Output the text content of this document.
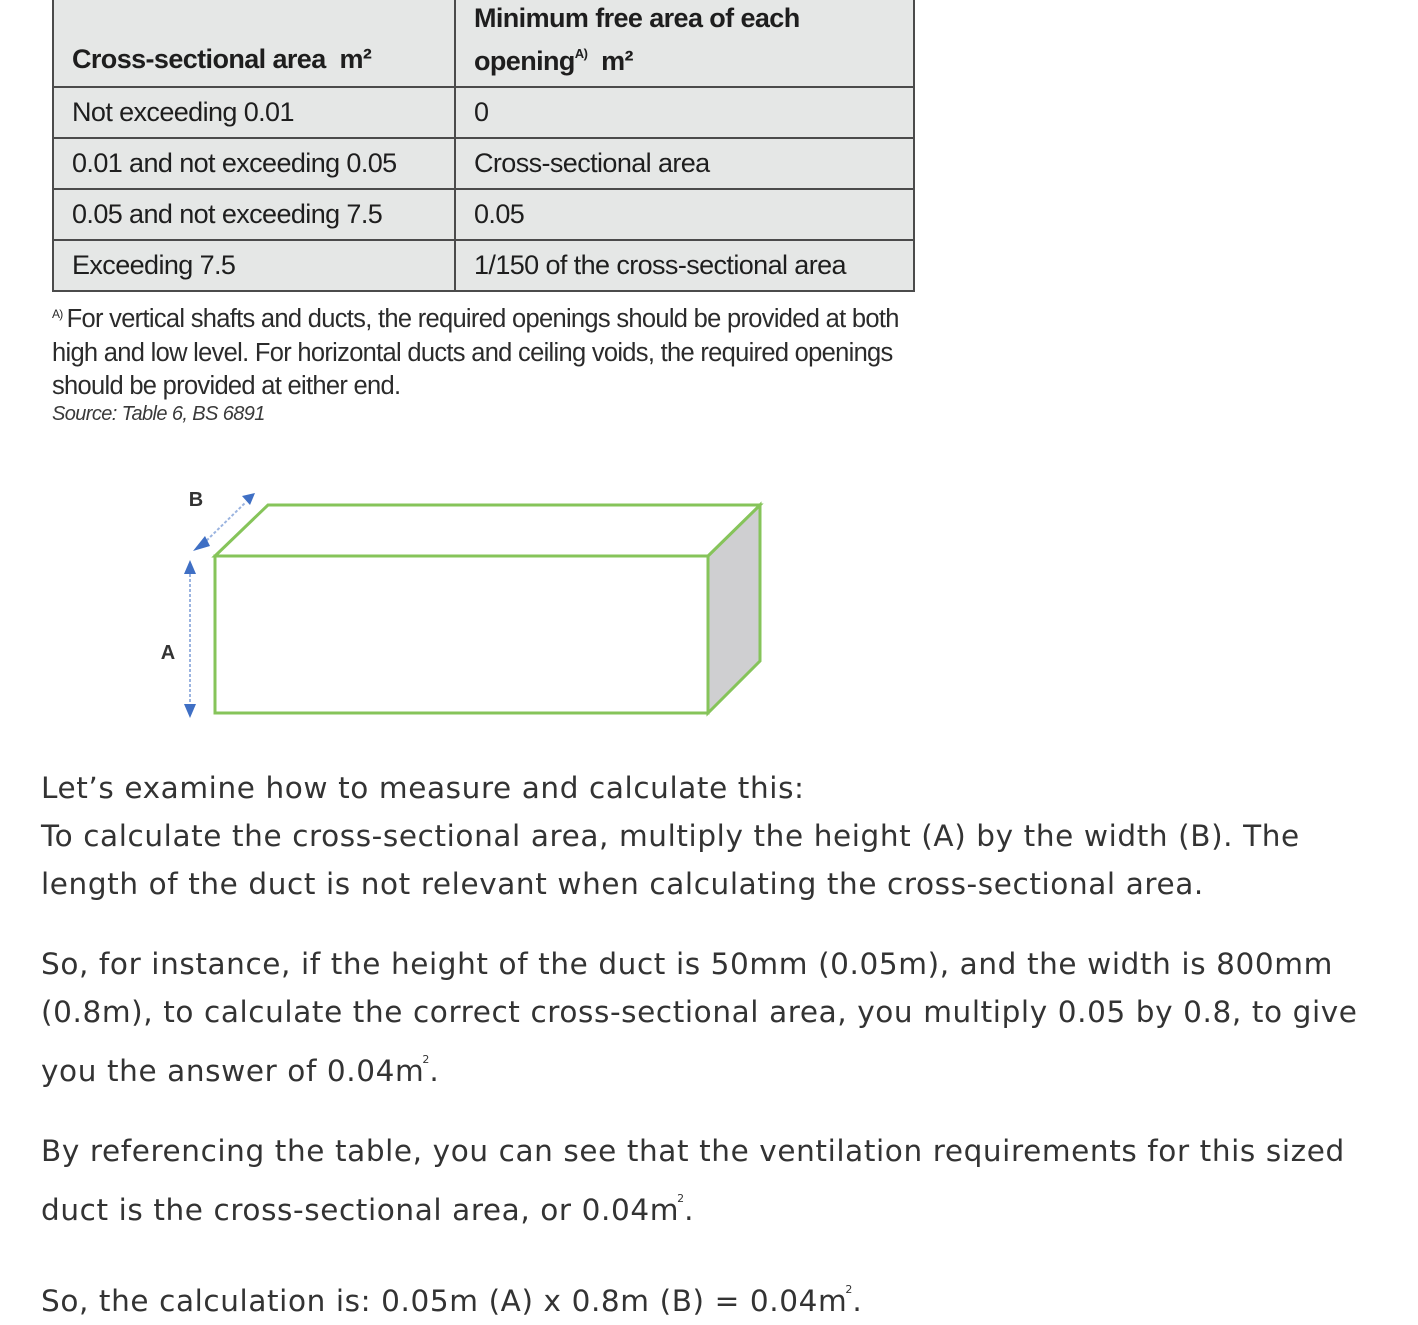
Cross-sectional area m²	Minimum free area of each
opening$^{A)}$ m²
Not exceeding 0.01	0
0.01 and not exceeding 0.05	Cross-sectional area
0.05 and not exceeding 7.5	0.05
Exceeding 7.5	1/150 of the cross-sectional area
$^{A)}$ For vertical shafts and ducts, the required openings should be provided at both high and low level. For horizontal ducts and ceiling voids, the required openings should be provided at either end.
Source: Table 6, BS 6891
B
A

Let’s examine how to measure and calculate this:

To calculate the cross-sectional area, multiply the height (A) by the width (B). The length of the duct is not relevant when calculating the cross-sectional area.

So, for instance, if the height of the duct is 50mm (0.05m), and the width is 800mm (0.8m), to calculate the correct cross-sectional area, you multiply 0.05 by 0.8, to give you the answer of $0.04m^2$.

By referencing the table, you can see that the ventilation requirements for this sized duct is the cross-sectional area, or $0.04m^2$.

So, the calculation is: 0.05m (A) x 0.8m $(B) = 0.04m^2$.
